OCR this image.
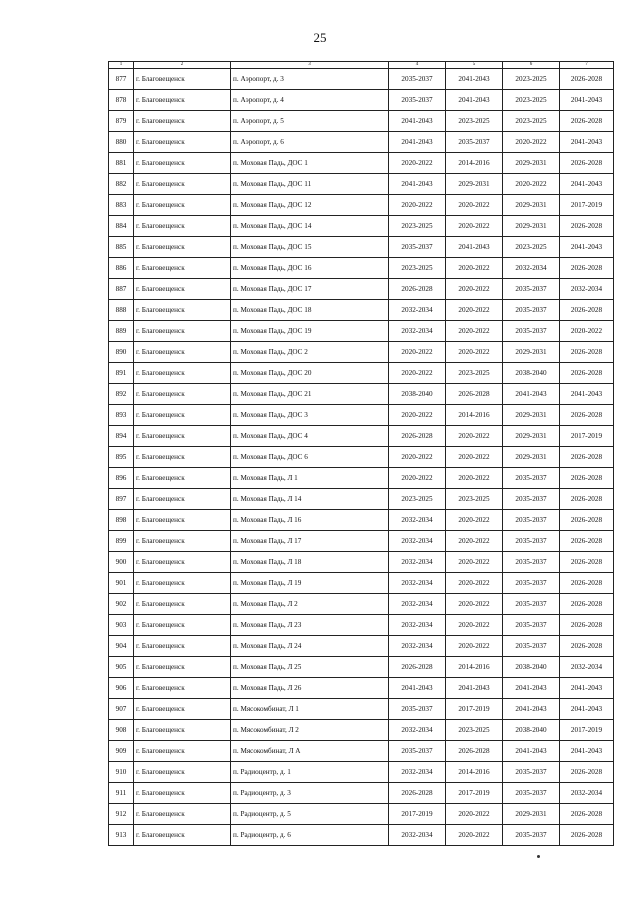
25
1	2	3	4	5	6	7
877	г. Благовещенск	п. Аэропорт, д. 3	2035-2037	2041-2043	2023-2025	2026-2028
878	г. Благовещенск	п. Аэропорт, д. 4	2035-2037	2041-2043	2023-2025	2041-2043
879	г. Благовещенск	п. Аэропорт, д. 5	2041-2043	2023-2025	2023-2025	2026-2028
880	г. Благовещенск	п. Аэропорт, д. 6	2041-2043	2035-2037	2020-2022	2041-2043
881	г. Благовещенск	п. Моховая Падь, ДОС 1	2020-2022	2014-2016	2029-2031	2026-2028
882	г. Благовещенск	п. Моховая Падь, ДОС 11	2041-2043	2029-2031	2020-2022	2041-2043
883	г. Благовещенск	п. Моховая Падь, ДОС 12	2020-2022	2020-2022	2029-2031	2017-2019
884	г. Благовещенск	п. Моховая Падь, ДОС 14	2023-2025	2020-2022	2029-2031	2026-2028
885	г. Благовещенск	п. Моховая Падь, ДОС 15	2035-2037	2041-2043	2023-2025	2041-2043
886	г. Благовещенск	п. Моховая Падь, ДОС 16	2023-2025	2020-2022	2032-2034	2026-2028
887	г. Благовещенск	п. Моховая Падь, ДОС 17	2026-2028	2020-2022	2035-2037	2032-2034
888	г. Благовещенск	п. Моховая Падь, ДОС 18	2032-2034	2020-2022	2035-2037	2026-2028
889	г. Благовещенск	п. Моховая Падь, ДОС 19	2032-2034	2020-2022	2035-2037	2020-2022
890	г. Благовещенск	п. Моховая Падь, ДОС 2	2020-2022	2020-2022	2029-2031	2026-2028
891	г. Благовещенск	п. Моховая Падь, ДОС 20	2020-2022	2023-2025	2038-2040	2026-2028
892	г. Благовещенск	п. Моховая Падь, ДОС 21	2038-2040	2026-2028	2041-2043	2041-2043
893	г. Благовещенск	п. Моховая Падь, ДОС 3	2020-2022	2014-2016	2029-2031	2026-2028
894	г. Благовещенск	п. Моховая Падь, ДОС 4	2026-2028	2020-2022	2029-2031	2017-2019
895	г. Благовещенск	п. Моховая Падь, ДОС 6	2020-2022	2020-2022	2029-2031	2026-2028
896	г. Благовещенск	п. Моховая Падь, Л 1	2020-2022	2020-2022	2035-2037	2026-2028
897	г. Благовещенск	п. Моховая Падь, Л 14	2023-2025	2023-2025	2035-2037	2026-2028
898	г. Благовещенск	п. Моховая Падь, Л 16	2032-2034	2020-2022	2035-2037	2026-2028
899	г. Благовещенск	п. Моховая Падь, Л 17	2032-2034	2020-2022	2035-2037	2026-2028
900	г. Благовещенск	п. Моховая Падь, Л 18	2032-2034	2020-2022	2035-2037	2026-2028
901	г. Благовещенск	п. Моховая Падь, Л 19	2032-2034	2020-2022	2035-2037	2026-2028
902	г. Благовещенск	п. Моховая Падь, Л 2	2032-2034	2020-2022	2035-2037	2026-2028
903	г. Благовещенск	п. Моховая Падь, Л 23	2032-2034	2020-2022	2035-2037	2026-2028
904	г. Благовещенск	п. Моховая Падь, Л 24	2032-2034	2020-2022	2035-2037	2026-2028
905	г. Благовещенск	п. Моховая Падь, Л 25	2026-2028	2014-2016	2038-2040	2032-2034
906	г. Благовещенск	п. Моховая Падь, Л 26	2041-2043	2041-2043	2041-2043	2041-2043
907	г. Благовещенск	п. Мясокомбинат, Л 1	2035-2037	2017-2019	2041-2043	2041-2043
908	г. Благовещенск	п. Мясокомбинат, Л 2	2032-2034	2023-2025	2038-2040	2017-2019
909	г. Благовещенск	п. Мясокомбинат, Л А	2035-2037	2026-2028	2041-2043	2041-2043
910	г. Благовещенск	п. Радиоцентр, д. 1	2032-2034	2014-2016	2035-2037	2026-2028
911	г. Благовещенск	п. Радиоцентр, д. 3	2026-2028	2017-2019	2035-2037	2032-2034
912	г. Благовещенск	п. Радиоцентр, д. 5	2017-2019	2020-2022	2029-2031	2026-2028
913	г. Благовещенск	п. Радиоцентр, д. 6	2032-2034	2020-2022	2035-2037	2026-2028
